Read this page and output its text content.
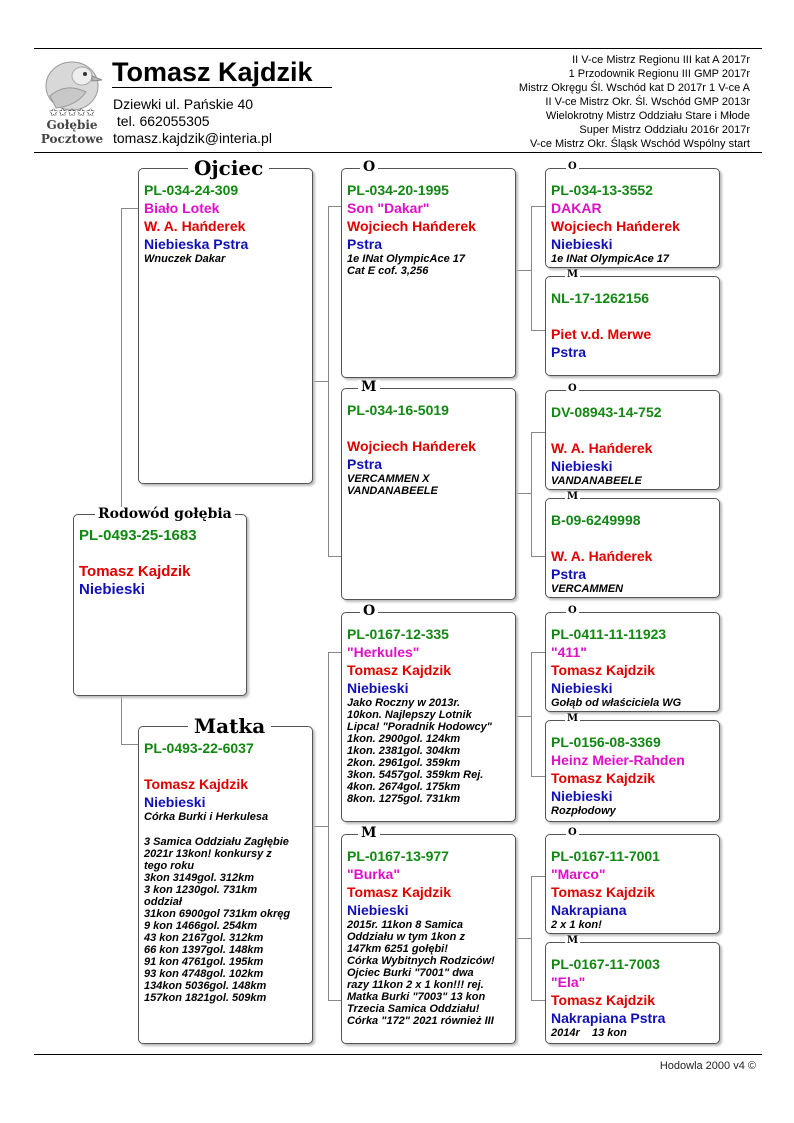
✩✩✩✩✩
Gołębie
Pocztowe
Tomasz Kajdzik
Dziewki ul. Pańskie 40
tel. 662055305
tomasz.kajdzik@interia.pl
II V-ce Mistrz Regionu III kat A 2017r
1 Przodownik Regionu III GMP 2017r
Mistrz Okręgu Śl. Wschód kat D 2017r 1 V-ce A
II V-ce Mistrz Okr. Śl. Wschód GMP 2013r
Wielokrotny Mistrz Oddziału Stare i Młode
Super Mistrz Oddziału 2016r 2017r
V-ce Mistrz Okr. Śląsk Wschód Wspólny start
PL-0493-25-1683
Tomasz Kajdzik
Niebieski
Rodowód gołębia
PL-034-24-309
Biało Lotek
W. A. Hańderek
Niebieska Pstra
Wnuczek Dakar
Ojciec
PL-0493-22-6037
Tomasz Kajdzik
Niebieski
Córka Burki i Herkulesa
3 Samica Oddziału Zagłębie
2021r 13kon! konkursy z
tego roku
3kon 3149gol. 312km
3 kon 1230gol. 731km
oddział
31kon 6900gol 731km okręg
9 kon 1466gol. 254km
43 kon 2167gol. 312km
66 kon 1397gol. 148km
91 kon 4761gol. 195km
93 kon 4748gol. 102km
134kon 5036gol. 148km
157kon 1821gol. 509km
Matka
PL-034-20-1995
Son "Dakar"
Wojciech Hańderek
Pstra
1e INat OlympicAce 17
Cat E cof. 3,256
O
PL-034-16-5019
Wojciech Hańderek
Pstra
VERCAMMEN X
VANDANABEELE
M
PL-0167-12-335
"Herkules"
Tomasz Kajdzik
Niebieski
Jako Roczny w 2013r.
10kon. Najlepszy Lotnik
Lipca! "Poradnik Hodowcy"
1kon. 2900gol. 124km
1kon. 2381gol. 304km
2kon. 2961gol. 359km
3kon. 5457gol. 359km Rej.
4kon. 2674gol. 175km
8kon. 1275gol. 731km
O
PL-0167-13-977
"Burka"
Tomasz Kajdzik
Niebieski
2015r. 11kon 8 Samica
Oddziału w tym 1kon z
147km 6251 gołębi!
Córka Wybitnych Rodziców!
Ojciec Burki "7001" dwa
razy 11kon 2 x 1 kon!!! rej.
Matka Burki "7003" 13 kon
Trzecia Samica Oddziału!
Córka "172" 2021 również III
M
PL-034-13-3552
DAKAR
Wojciech Hańderek
Niebieski
1e INat OlympicAce 17
O
NL-17-1262156
Piet v.d. Merwe
Pstra
M
DV-08943-14-752
W. A. Hańderek
Niebieski
VANDANABEELE
O
B-09-6249998
W. A. Hańderek
Pstra
VERCAMMEN
M
PL-0411-11-11923
"411"
Tomasz Kajdzik
Niebieski
Gołąb od właściciela WG
O
PL-0156-08-3369
Heinz Meier-Rahden
Tomasz Kajdzik
Niebieski
Rozpłodowy
M
PL-0167-11-7001
"Marco"
Tomasz Kajdzik
Nakrapiana
2 x 1 kon!
O
PL-0167-11-7003
"Ela"
Tomasz Kajdzik
Nakrapiana Pstra
2014r    13 kon
M
Hodowla 2000 v4 ©
